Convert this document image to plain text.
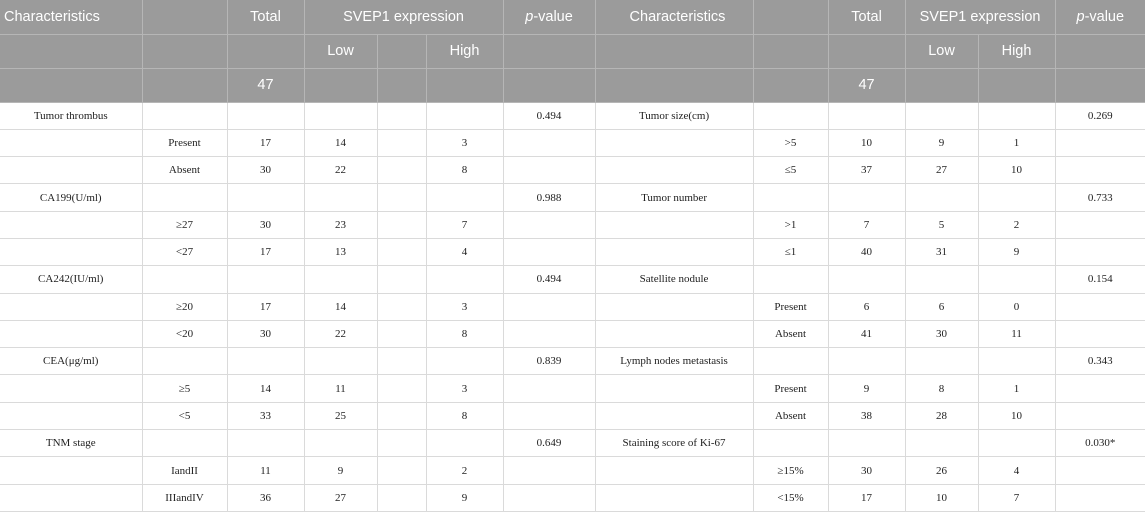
Characteristics		Total	SVEP1 expression			p-value	Characteristics		Total	SVEP1 expression		p-value
			Low		High					Low	High	
		47							47			
Tumor thrombus						0.494	Tumor size(cm)					0.269
	Present	17	14		3			>5	10	9	1	
	Absent	30	22		8			≤5	37	27	10	
CA199(U/ml)						0.988	Tumor number					0.733
	≥27	30	23		7			>1	7	5	2	
	<27	17	13		4			≤1	40	31	9	
CA242(IU/ml)						0.494	Satellite nodule					0.154
	≥20	17	14		3			Present	6	6	0	
	<20	30	22		8			Absent	41	30	11	
CEA(μg/ml)						0.839	Lymph nodes metastasis					0.343
	≥5	14	11		3			Present	9	8	1	
	<5	33	25		8			Absent	38	28	10	
TNM stage						0.649	Staining score of Ki-67					0.030*
	IandII	11	9		2			≥15%	30	26	4	
	IIIandIV	36	27		9			<15%	17	10	7	
